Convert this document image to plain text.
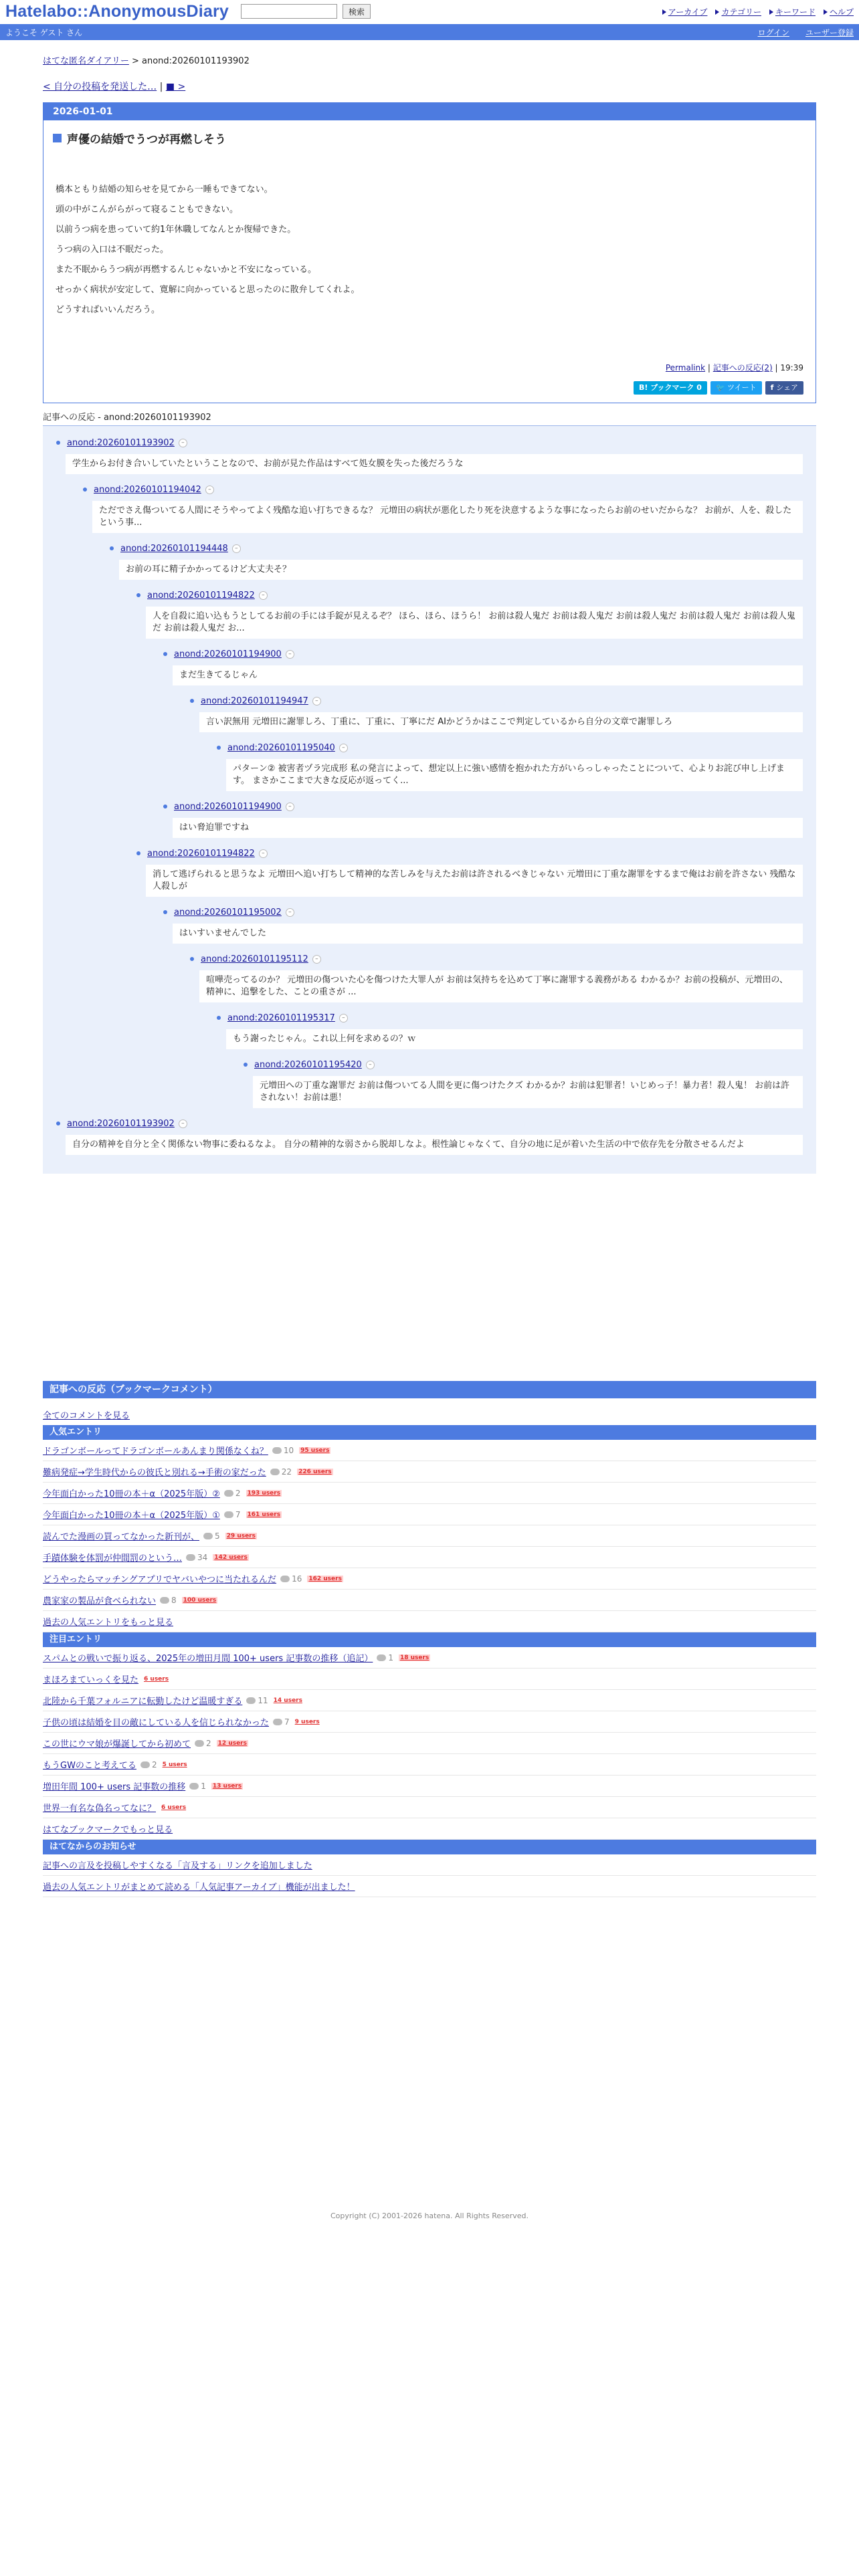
Hatelabo::AnonymousDiary	検索	アーカイブ	カテゴリー	キーワード	ヘルプ
ようこそ ゲスト さん	ログイン ユーザー登録
はてな匿名ダイアリー > anond:20260101193902
< 自分の投稿を発送した… | ■ >
2026-01-01
声優の結婚でうつが再燃しそう

橋本ともり結婚の知らせを見てから一睡もできてない。

頭の中がこんがらがって寝ることもできない。

以前うつ病を患っていて約1年休職してなんとか復帰できた。

うつ病の入口は不眠だった。

また不眠からうつ病が再燃するんじゃないかと不安になっている。

せっかく病状が安定して、寛解に向かっていると思ったのに散弁してくれよ。

どうすればいいんだろう。

Permalink | 記事への反応(2) | 19:39
B! ブックマーク 0	🐦 ツイート	f シェア
記事への反応 - anond:20260101193902
anond:20260101193902	–
学生からお付き合いしていたということなので、お前が見た作品はすべて処女膜を失った後だろうな
anond:20260101194042	–
ただでさえ傷ついてる人間にそうやってよく残酷な追い打ちできるな？ 元増田の病状が悪化したり死を決意するような事になったらお前のせいだからな？ お前が、人を、殺したという事...
anond:20260101194448	–
お前の耳に精子かかってるけど大丈夫そ？
anond:20260101194822	–
人を自殺に追い込もうとしてるお前の手には手錠が見えるぞ？ ほら、ほら、ほうら！ お前は殺人鬼だ お前は殺人鬼だ お前は殺人鬼だ お前は殺人鬼だ お前は殺人鬼だ お前は殺人鬼だ お...
anond:20260101194900	–
まだ生きてるじゃん
anond:20260101194947	–
言い訳無用 元増田に謝罪しろ、丁重に、丁重に、丁寧にだ AIかどうかはここで判定しているから自分の文章で謝罪しろ
anond:20260101195040	–
パターン② 被害者ヅラ完成形 私の発言によって、想定以上に強い感情を抱かれた方がいらっしゃったことについて、心よりお詫び申し上げます。 まさかここまで大きな反応が返ってく...
anond:20260101194900	–
はい脅迫罪ですね
anond:20260101194822	–
消して逃げられると思うなよ 元増田へ追い打ちして精神的な苦しみを与えたお前は許されるべきじゃない 元増田に丁重な謝罪をするまで俺はお前を許さない 残酷な人殺しが
anond:20260101195002	–
はいすいませんでした
anond:20260101195112	–
喧嘩売ってるのか？ 元増田の傷ついた心を傷つけた大罪人が お前は気持ちを込めて丁寧に謝罪する義務がある わかるか？お前の投稿が、元増田の、精神に、追撃をした、ことの重さが ...
anond:20260101195317	–
もう謝ったじゃん。これ以上何を求めるの？ｗ
anond:20260101195420	–
元増田への丁重な謝罪だ お前は傷ついてる人間を更に傷つけたクズ わかるか？お前は犯罪者！いじめっ子！暴力者！殺人鬼！ お前は許されない！お前は悪！
anond:20260101193902	–
自分の精神を自分と全く関係ない物事に委ねるなよ。 自分の精神的な弱さから脱却しなよ。根性論じゃなくて、自分の地に足が着いた生活の中で依存先を分散させるんだよ
記事への反応（ブックマークコメント）
全てのコメントを見る
人気エントリ
ドラゴンボールってドラゴンボールあんまり関係なくね？ 10 95 users
難病発症→学生時代からの彼氏と別れる→手術の家だった 22 226 users
今年面白かった10冊の本＋α（2025年版）② 2 193 users
今年面白かった10冊の本＋α（2025年版）① 7 161 users
読んでた漫画の買ってなかった新刊が、 5 29 users
手蹟体験を体罰が仲間罰のという… 34 142 users
どうやったらマッチングアプリでヤバいやつに当たれるんだ 16 162 users
農家家の製品が食べられない 8 100 users
過去の人気エントリをもっと見る
注目エントリ
スパムとの戦いで振り返る、2025年の増田月間 100+ users 記事数の推移（追記） 1 18 users
まほろまていっくを見た 6 users
北陸から千葉フォルニアに転勤したけど温暖すぎる 11 14 users
子供の頃は結婚を目の敵にしている人を信じられなかった 7 9 users
この世にウマ娘が爆誕してから初めて 2 12 users
もうGWのこと考えてる 2 5 users
増田年間 100+ users 記事数の推移 1 13 users
世界一有名な偽名ってなに？ 6 users
はてなブックマークでもっと見る
はてなからのお知らせ
記事への言及を投稿しやすくなる「言及する」リンクを追加しました
過去の人気エントリがまとめて読める「人気記事アーカイブ」機能が出ました！
Copyright (C) 2001-2026 hatena. All Rights Reserved.
